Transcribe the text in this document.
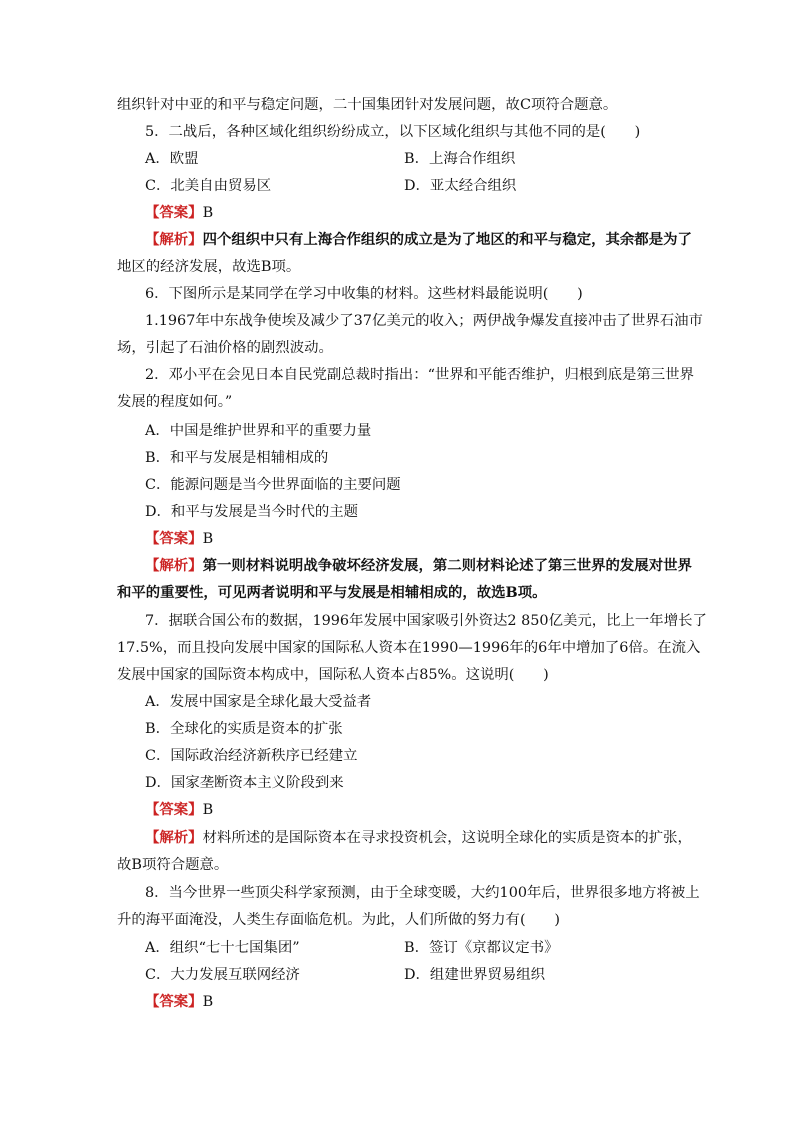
组织针对中亚的和平与稳定问题，二十国集团针对发展问题，故C项符合题意。
5．二战后，各种区域化组织纷纷成立，以下区域化组织与其他不同的是(　　)
A．欧盟	B．上海合作组织
C．北美自由贸易区	D．亚太经合组织
【答案】B
【解析】四个组织中只有上海合作组织的成立是为了地区的和平与稳定，其余都是为了
地区的经济发展，故选B项。
6．下图所示是某同学在学习中收集的材料。这些材料最能说明(　　)
1.1967年中东战争使埃及减少了37亿美元的收入；两伊战争爆发直接冲击了世界石油市
场，引起了石油价格的剧烈波动。
2．邓小平在会见日本自民党副总裁时指出：“世界和平能否维护，归根到底是第三世界
发展的程度如何。”
A．中国是维护世界和平的重要力量
B．和平与发展是相辅相成的
C．能源问题是当今世界面临的主要问题
D．和平与发展是当今时代的主题
【答案】B
【解析】第一则材料说明战争破坏经济发展，第二则材料论述了第三世界的发展对世界
和平的重要性，可见两者说明和平与发展是相辅相成的，故选B项。
7．据联合国公布的数据，1996年发展中国家吸引外资达2 850亿美元，比上一年增长了
17.5%，而且投向发展中国家的国际私人资本在1990—1996年的6年中增加了6倍。在流入
发展中国家的国际资本构成中，国际私人资本占85%。这说明(　　)
A．发展中国家是全球化最大受益者
B．全球化的实质是资本的扩张
C．国际政治经济新秩序已经建立
D．国家垄断资本主义阶段到来
【答案】B
【解析】材料所述的是国际资本在寻求投资机会，这说明全球化的实质是资本的扩张，
故B项符合题意。
8．当今世界一些顶尖科学家预测，由于全球变暖，大约100年后，世界很多地方将被上
升的海平面淹没，人类生存面临危机。为此，人们所做的努力有(　　)
A．组织“七十七国集团”	B．签订《京都议定书》
C．大力发展互联网经济	D．组建世界贸易组织
【答案】B
